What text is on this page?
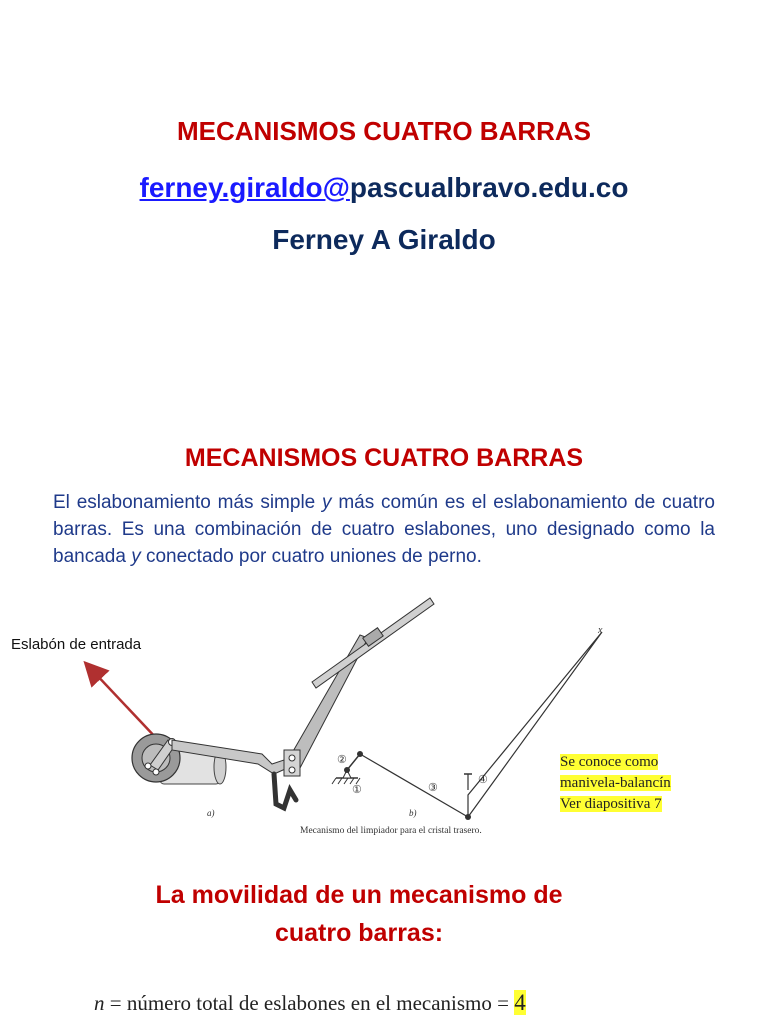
MECANISMOS CUATRO BARRAS
ferney.giraldo@pascualbravo.edu.co
Ferney A Giraldo
MECANISMOS CUATRO BARRAS
El eslabonamiento más simple y más común es el eslabonamiento de cuatro barras. Es una combinación de cuatro eslabones, uno designado como la bancada y conectado por cuatro uniones de perno.
Eslabón de entrada
a)
①
②
③
④
x
b)
Mecanismo del limpiador para el cristal trasero.
Se conoce como
manivela-balancín
Ver diapositiva 7
La movilidad de un mecanismo de
cuatro barras:
n = número total de eslabones en el mecanismo = 4
